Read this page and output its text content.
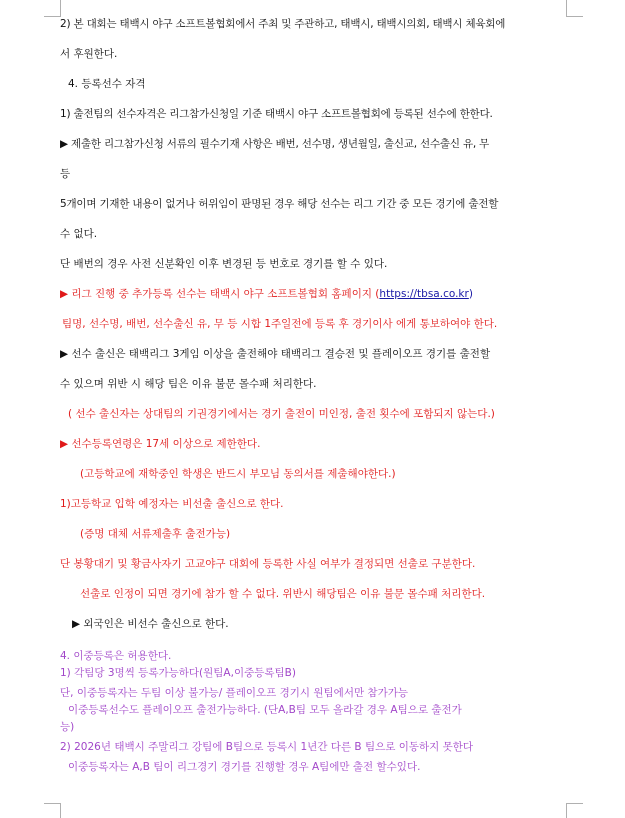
2) 본 대회는 태백시 야구 소프트볼협회에서 주최 및 주관하고, 태백시, 태백시의회, 태백시 체육회에
서 후원한다.
4. 등록선수 자격
1) 출전팀의 선수자격은 리그참가신청일 기준 태백시 야구 소프트볼협회에 등록된 선수에 한한다.
▶ 제출한 리그참가신청 서류의 필수기재 사항은 배번, 선수명, 생년월일, 출신교, 선수출신 유, 무
등
5개이며 기재한 내용이 없거나 허위임이 판명된 경우 해당 선수는 리그 기간 중 모든 경기에 출전할
수 없다.
단 배번의 경우 사전 신분확인 이후 변경된 등 번호로 경기를 할 수 있다.
▶ 리그 진행 중 추가등록 선수는 태백시 야구 소프트볼협회 홈페이지 (https://tbsa.co.kr)
팀명, 선수명, 배번, 선수출신 유, 무 등 시합 1주일전에 등록 후 경기이사 에게 통보하여야 한다.
▶ 선수 출신은 태백리그 3게임 이상을 출전해야 태백리그 결승전 및 플레이오프 경기를 출전할
수 있으며 위반 시 해당 팀은 이유 불문 몰수패 처리한다.
( 선수 출신자는 상대팀의 기권경기에서는 경기 출전이 미인정, 출전 횟수에 포함되지 않는다.)
▶ 선수등록연령은 17세 이상으로 제한한다.
(고등학교에 재학중인 학생은 반드시 부모님 동의서를 제출해야한다.)
1)고등학교 입학 예정자는 비선출 출신으로 한다.
(증명 대체 서류제출후 출전가능)
단 봉황대기 및 황금사자기 고교야구 대회에 등록한 사실 여부가 결정되면 선출로 구분한다.
선출로 인정이 되면 경기에 참가 할 수 없다. 위반시 해당팀은 이유 불문 몰수패 처리한다.
▶ 외국인은 비선수 출신으로 한다.
4. 이중등록은 허용한다.
1) 각팀당 3명씩 등록가능하다(원팀A,이중등록팀B)
단, 이중등록자는 두팀 이상 불가능/ 플레이오프 경기시 원팀에서만 참가가능
이중등록선수도 플레이오프 출전가능하다. (단A,B팀 모두 올라갈 경우 A팀으로 출전가
능)
2) 2026년 태백시 주말리그 강팀에 B팀으로 등록시 1년간 다른 B 팀으로 이동하지 못한다
이중등록자는 A,B 팀이 리그경기 경기를 진행할 경우 A팀에만 출전 할수있다.
